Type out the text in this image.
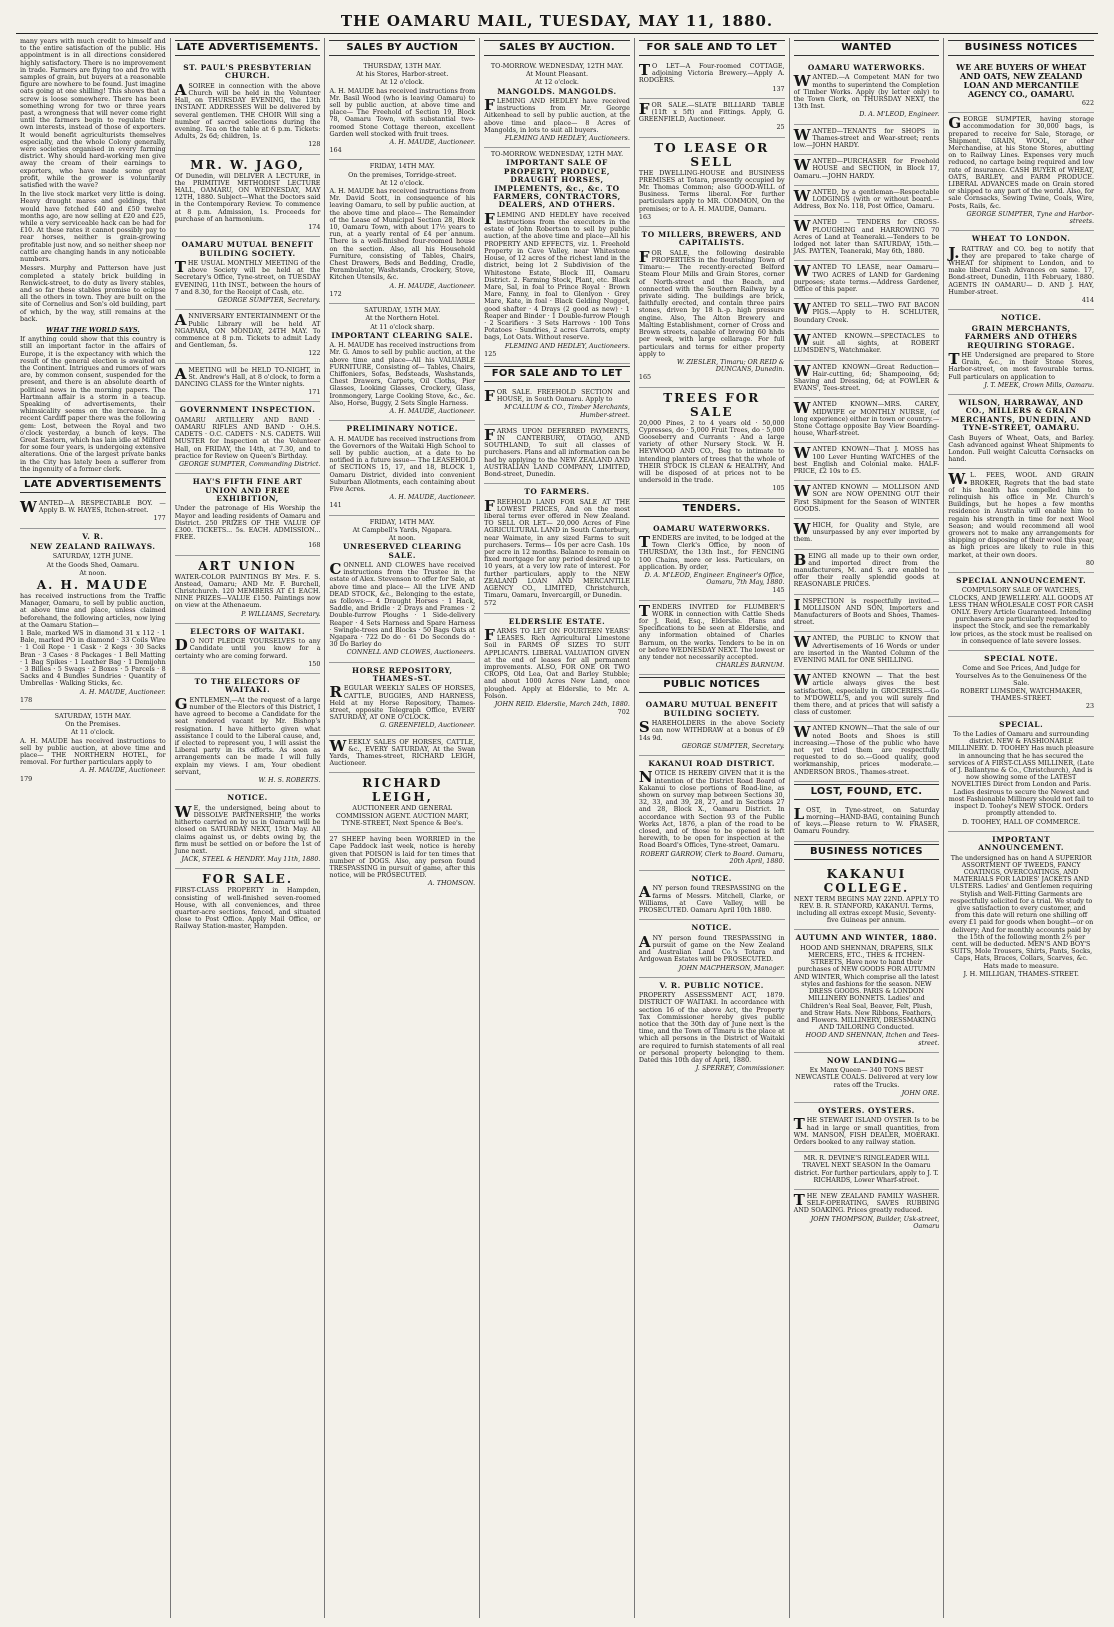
THE OAMARU MAIL, TUESDAY, MAY 11, 1880.

many years with much credit to himself and to the entire satisfaction of the public. His appointment is in all directions considered highly satisfactory. There is no improvement in trade. Farmers are flying too and fro with samples of grain, but buyers at a reasonable figure are nowhere to be found. Just imagine oats going at one shilling! This shows that a screw is loose somewhere. There has been something wrong for two or three years past, a wrongness that will never come right until the farmers begin to regulate their own interests, instead of those of exporters. It would benefit agriculturists themselves especially, and the whole Colony generally, were societies organised in every farming district. Why should hard-working men give away the cream of their earnings to exporters, who have made some great profit, while the grower is voluntarily satisfied with the wave?

In the live stock market very little is doing. Heavy draught mares and geldings, that would have fetched £40 and £50 twelve months ago, are now selling at £20 and £25, while a very serviceable hack can be had for £10. At these rates it cannot possibly pay to rear horses, neither is grain-growing profitable just now, and so neither sheep nor cattle are changing hands in any noticeable numbers.

Messrs. Murphy and Patterson have just completed a stately brick building in Renwick-street, to do duty as livery stables, and so far these stables promise to eclipse all the others in town. They are built on the site of Cornelius and Son's old building, part of which, by the way, still remains at the back.

WHAT THE WORLD SAYS.

If anything could show that this country is still an important factor in the affairs of Europe, it is the expectancy with which the result of the general election is awaited on the Continent. Intrigues and rumors of wars are, by common consent, suspended for the present, and there is an absolute dearth of political news in the morning papers. The Hartmann affair is a storm in a teacup. Speaking of advertisements, their whimsicality seems on the increase. In a recent Cardiff paper there was the following gem: Lost, between the Royal and two o'clock yesterday, a bunch of keys. The Great Eastern, which has lain idle at Milford for some four years, is undergoing extensive alterations. One of the largest private banks in the City has lately been a sufferer from the ingenuity of a former clerk.

LATE ADVERTISEMENTS

WANTED—A RESPECTABLE BOY. —Apply B. W. HAYES, Itchen-street.

177

V. R.
NEW ZEALAND RAILWAYS.

SATURDAY, 12TH JUNE.

At the Goods Shed, Oamaru.

At noon.

A. H. MAUDE

has received instructions from the Traffic Manager, Oamaru, to sell by public auction, at above time and place, unless claimed beforehand, the following articles, now lying at the Oamaru Station—

1 Bale, marked WS in diamond 31 x 112 · 1 Bale, marked PO in diamond · 33 Coils Wire · 1 Coil Rope · 1 Cask · 2 Kegs · 30 Sacks Bran · 3 Cases · 8 Packages · 1 Bell Matting · 1 Bag Spikes · 1 Leather Bag · 1 Demijohn · 3 Billies · 5 Swags · 2 Boxes · 5 Parcels · 8 Sacks and 4 Bundles Sundries · Quantity of Umbrellas · Walking Sticks, &c.

A. H. MAUDE, Auctioneer.

178

SATURDAY, 15TH MAY.

On the Premises.

At 11 o'clock.

A. H. MAUDE has received instructions to sell by public auction, at above time and place— THE NORTHERN HOTEL, for removal. For further particulars apply to

A. H. MAUDE, Auctioneer.

179

LATE ADVERTISEMENTS.
ST. PAUL'S PRESBYTERIAN CHURCH.

ASOIREE in connection with the above Church will be held in the Volunteer Hall, on THURSDAY EVENING, the 13th INSTANT. ADDRESSES Will be delivered by several gentlemen. THE CHOIR Will sing a number of sacred selections during the evening. Tea on the table at 6 p.m. Tickets: Adults, 2s 6d; children, 1s.

128

MR. W. JAGO,

Of Dunedin, will DELIVER A LECTURE, in the PRIMITIVE METHODIST LECTURE HALL, OAMARU, ON WEDNESDAY, MAY 12TH, 1880. Subject—What the Doctors said in the Contemporary Review. To commence at 8 p.m. Admission, 1s. Proceeds for purchase of an harmonium.

174

OAMARU MUTUAL BENEFIT BUILDING SOCIETY.

THE USUAL MONTHLY MEETING of the above Society will be held at the Secretary's Office, Tyne-street, on TUESDAY EVENING, 11th INST., between the hours of 7 and 8.30, for the Receipt of Cash, etc.

GEORGE SUMPTER, Secretary.

ANNIVERSARY ENTERTAINMENT Of the Public Library will be held AT NGAPARA, ON MONDAY, 24TH MAY. To commence at 8 p.m. Tickets to admit Lady and Gentleman, 5s.

122

AMEETING will be HELD TO-NIGHT, in St. Andrew's Hall, at 8 o'clock, to form a DANCING CLASS for the Winter nights.

171

GOVERNMENT INSPECTION.

OAMARU ARTILLERY AND BAND · OAMARU RIFLES AND BAND · O.H.S. CADETS · O.C. CADETS · N.S. CADETS. Will MUSTER for Inspection at the Volunteer Hall, on FRIDAY, the 14th, at 7.30, and to practice for Review on Queen's Birthday.

GEORGE SUMPTER, Commanding District.

HAY'S FIFTH FINE ART UNION AND FREE EXHIBITION,

Under the patronage of His Worship the Mayor and leading residents of Oamaru and District. 250 PRIZES OF THE VALUE OF £300. TICKETS... 5s. EACH. ADMISSION... FREE.

168

ART UNION

WATER-COLOR PAINTINGS BY Mrs. F. S. Anstead, Oamaru; AND Mr. F. Burchell, Christchurch. 120 MEMBERS AT £1 EACH. NINE PRIZES—VALUE £150. Paintings now on view at the Athenaeum.

P. WILLIAMS, Secretary.

ELECTORS OF WAITAKI.

DO NOT PLEDGE YOURSELVES to any Candidate until you know for a certainty who are coming forward.

150

TO THE ELECTORS OF WAITAKI.

GENTLEMEN,—At the request of a large number of the Electors of this District, I have agreed to become a Candidate for the seat rendered vacant by Mr. Bishop's resignation. I have hitherto given what assistance I could to the Liberal cause, and, if elected to represent you, I will assist the Liberal party in its efforts. As soon as arrangements can be made I will fully explain my views. I am, Your obedient servant,

W. H. S. ROBERTS.

NOTICE.

WE, the undersigned, being about to DISSOLVE PARTNERSHIP, the works hitherto carried on by us in Oamaru will be closed on SATURDAY NEXT, 15th May. All claims against us, or debts owing by, the firm must be settled on or before the 1st of June next.

JACK, STEEL & HENDRY. May 11th, 1880.

FOR SALE.

FIRST-CLASS PROPERTY in Hampden, consisting of well-finished seven-roomed House, with all conveniences, and three quarter-acre sections, fenced, and situated close to Post Office. Apply Mail Office, or Railway Station-master, Hampden.

SALES BY AUCTION

THURSDAY, 13TH MAY.

At his Stores, Harbor-street.

At 12 o'clock.

A. H. MAUDE has received instructions from Mr. Basil Wood (who is leaving Oamaru) to sell by public auction, at above time and place— The Freehold of Section 19, Block 78, Oamaru Town, with substantial two-roomed Stone Cottage thereon, excellent Garden well stocked with fruit trees.

A. H. MAUDE, Auctioneer.

164

FRIDAY, 14TH MAY.

On the premises, Torridge-street.

At 12 o'clock.

A. H. MAUDE has received instructions from Mr. David Scott, in consequence of his leaving Oamaru, to sell by public auction, at the above time and place— The Remainder of the Lease of Municipal Section 28, Block 10, Oamaru Town, with about 17½ years to run, at a yearly rental of £4 per annum. There is a well-finished four-roomed house on the section. Also, all his Household Furniture, consisting of Tables, Chairs, Chest Drawers, Beds and Bedding, Cradle, Perambulator, Washstands, Crockery, Stove, Kitchen Utensils, &c.

A. H. MAUDE, Auctioneer.

172

SATURDAY, 15TH MAY.

At the Northern Hotel.

At 11 o'clock sharp.

IMPORTANT CLEARING SALE.

A. H. MAUDE has received instructions from Mr. G. Amos to sell by public auction, at the above time and place—All his VALUABLE FURNITURE, Consisting of— Tables, Chairs, Chiffoniers, Sofas, Bedsteads, Washstands, Chest Drawers, Carpets, Oil Cloths, Pier Glasses, Looking Glasses, Crockery, Glass, Ironmongery, Large Cooking Stove, &c., &c. Also, Horse, Buggy, 2 Sets Single Harness.

A. H. MAUDE, Auctioneer.

PRELIMINARY NOTICE.

A. H. MAUDE has received instructions from the Governors of the Waitaki High School to sell by public auction, at a date to be notified in a future issue— The LEASEHOLD of SECTIONS 15, 17, and 18, BLOCK 1, Oamaru District, divided into convenient Suburban Allotments, each containing about Five Acres.

A. H. MAUDE, Auctioneer.

141

FRIDAY, 14TH MAY.

At Campbell's Yards, Ngapara.

At noon.

UNRESERVED CLEARING SALE.

CONNELL AND CLOWES have received instructions from the Trustee in the estate of Alex. Stevenson to offer for Sale, at above time and place— All the LIVE AND DEAD STOCK, &c., Belonging to the estate, as follows:— 4 Draught Horses · 1 Hack, Saddle, and Bridle · 2 Drays and Frames · 2 Double-furrow Ploughs · 1 Side-delivery Reaper · 4 Sets Harness and Spare Harness · Swingle-trees and Blocks · 50 Bags Oats at Ngapara · 722 Do do · 61 Do Seconds do · 30 Do Barley do

CONNELL AND CLOWES, Auctioneers.

HORSE REPOSITORY, THAMES-ST.

REGULAR WEEKLY SALES OF HORSES, CATTLE, BUGGIES, AND HARNESS, Held at my Horse Repository, Thames-street, opposite Telegraph Office, EVERY SATURDAY, AT ONE O'CLOCK.

G. GREENFIELD, Auctioneer.

WEEKLY SALES OF HORSES, CATTLE, &c., EVERY SATURDAY, At the Swan Yards, Thames-street, RICHARD LEIGH, Auctioneer.

RICHARD LEIGH,

AUCTIONEER AND GENERAL COMMISSION AGENT. AUCTION MART, TYNE-STREET, Next Spence & Bee's.

27 SHEEP having been WORRIED in the Cape Paddock last week, notice is hereby given that POISON is laid for ten times that number of DOGS. Also, any person found TRESPASSING in pursuit of game, after this notice, will be PROSECUTED.

A. THOMSON.

SALES BY AUCTION.

TO-MORROW. WEDNESDAY, 12TH MAY.

At Mount Pleasant.

At 12 o'clock.

MANGOLDS. MANGOLDS.

FLEMING AND HEDLEY have received instructions from Mr. George Aitkenhead to sell by public auction, at the above time and place— 8 Acres of Mangolds, in lots to suit all buyers.

FLEMING AND HEDLEY, Auctioneers.

TO-MORROW. WEDNESDAY, 12TH MAY.

IMPORTANT SALE OF PROPERTY, PRODUCE, DRAUGHT HORSES, IMPLEMENTS, &c., &c. TO FARMERS, CONTRACTORS, DEALERS, AND OTHERS.

FLEMING AND HEDLEY have received instructions from the executors in the estate of John Robertson to sell by public auction, at the above time and place—All his PROPERTY AND EFFECTS, viz. 1. Freehold Property in Cave Valley, near Whitestone House, of 12 acres of the richest land in the district, being lot 2 Subdivision of the Whitestone Estate, Block III, Oamaru District. 2. Farming Stock, Plant, etc. Black Mare, Sal, in foal to Prince Royal · Brown Mare, Fanny, in foal to Glenlyon · Grey Mare, Kate, in foal · Black Gelding Nugget, good shafter · 4 Drays (2 good as new) · 1 Reaper and Binder · 1 Double-furrow Plough · 2 Scarifiers · 3 Sets Harrows · 100 Tons Potatoes · Sundries, 2 acres Carrots, empty bags, Lot Oats. Without reserve.

FLEMING AND HEDLEY, Auctioneers.

125

FOR SALE AND TO LET

FOR SALE. FREEHOLD SECTION and HOUSE, in South Oamaru. Apply to

M'CALLUM & CO., Timber Merchants, Humber-street.

FARMS UPON DEFERRED PAYMENTS, IN CANTERBURY, OTAGO, AND SOUTHLAND, To suit all classes of purchasers. Plans and all information can be had by applying to the NEW ZEALAND AND AUSTRALIAN LAND COMPANY, LIMITED, Bond-street, Dunedin.

TO FARMERS.

FREEHOLD LAND FOR SALE AT THE LOWEST PRICES, And on the most liberal terms ever offered in New Zealand. TO SELL OR LET— 20,000 Acres of Fine AGRICULTURAL LAND in South Canterbury, near Waimate, in any sized Farms to suit purchasers. Terms— 10s per acre Cash. 10s per acre in 12 months. Balance to remain on fixed mortgage for any period desired up to 10 years, at a very low rate of interest. For further particulars, apply to the NEW ZEALAND LOAN AND MERCANTILE AGENCY CO., LIMITED, Christchurch, Timaru, Oamaru, Invercargill, or Dunedin.

572

ELDERSLIE ESTATE.

FARMS TO LET ON FOURTEEN YEARS' LEASES. Rich Agricultural Limestone Soil in FARMS OF SIZES TO SUIT APPLICANTS. LIBERAL VALUATION GIVEN at the end of leases for all permanent improvements. ALSO, FOR ONE OR TWO CROPS, Old Lea, Oat and Barley Stubble; and about 1000 Acres New Land, once ploughed. Apply at Elderslie, to Mr. A. Folson.

JOHN REID. Elderslie, March 24th, 1880.

702

FOR SALE AND TO LET

TO LET—A Four-roomed COTTAGE, adjoining Victoria Brewery.—Apply A. RODGERS.

137

FOR SALE.—SLATE BILLIARD TABLE (11ft x 5ft) and Fittings. Apply, G. GREENFIELD, Auctioneer.

25

TO LEASE OR SELL

THE DWELLING-HOUSE and BUSINESS PREMISES at Totara, presently occupied by Mr. Thomas Common; also GOOD-WILL of Business. Terms liberal. For further particulars apply to MR. COMMON, On the premises; or to A. H. MAUDE, Oamaru.

163

TO MILLERS, BREWERS, AND CAPITALISTS.

FOR SALE, the following desirable PROPERTIES in the flourishing Town of Timaru:— The recently-erected Belford Steam Flour Mills and Grain Stores, corner of North-street and the Beach, and connected with the Southern Railway by a private siding. The buildings are brick, faithfully erected, and contain three pairs stones, driven by 18 h.-p. high pressure engine. Also, The Alton Brewery and Malting Establishment, corner of Cross and Brown streets, capable of brewing 60 hhds per week, with large cellarage. For full particulars and terms for either property apply to

W. ZIESLER, Timaru; OR REID & DUNCANS, Dunedin.

165

TREES FOR SALE

20,000 Pines, 2 to 4 years old · 50,000 Cypresses, do · 5,000 Fruit Trees, do · 5,000 Gooseberry and Currants · And a large variety of other Nursery Stock. W. H. HEYWOOD AND CO., Beg to intimate to intending planters of trees that the whole of THEIR STOCK IS CLEAN & HEALTHY, And will be disposed of at prices not to be undersold in the trade.

105

TENDERS.
OAMARU WATERWORKS.

TENDERS are invited, to be lodged at the Town Clerk's Office, by noon of THURSDAY, the 13th Inst., for FENCING 100 Chains, more or less. Particulars, on application. By order,

D. A. M'LEOD, Engineer. Engineer's Office, Oamaru, 7th May, 1880.

145

TENDERS INVITED for FLUMBER'S WORK in connection with Cattle Sheds for J. Reid, Esq., Elderslie. Plans and Specifications to be seen at Elderslie, and any information obtained of Charles Barnum, on the works. Tenders to be in on or before WEDNESDAY NEXT. The lowest or any tender not necessarily accepted.

CHARLES BARNUM.

PUBLIC NOTICES
OAMARU MUTUAL BENEFIT BUILDING SOCIETY.

SHAREHOLDERS in the above Society can now WITHDRAW at a bonus of £9 14s 9d.

GEORGE SUMPTER, Secretary.

KAKANUI ROAD DISTRICT.

NOTICE IS HEREBY GIVEN that it is the intention of the District Road Board of Kakanui to close portions of Road-line, as shown on survey map between Sections 30, 32, 33, and 39, 28, 27, and in Sections 27 and 28, Block X., Oamaru District. In accordance with Section 93 of the Public Works Act, 1876, a plan of the road to be closed, and of those to be opened is left herewith, to be open for inspection at the Road Board's Offices, Tyne-street, Oamaru.

ROBERT GARROW, Clerk to Board. Oamaru, 20th April, 1880.

NOTICE.

ANY person found TRESPASSING on the farms of Messrs. Mitchell, Clarke, or Williams, at Cave Valley, will be PROSECUTED. Oamaru April 10th 1880.

NOTICE.

ANY person found TRESPASSING in pursuit of game on the New Zealand and Australian Land Co.'s Totara and Ardgowan Estates will be PROSECUTED.

JOHN MACPHERSON, Manager.

V. R. PUBLIC NOTICE.

PROPERTY ASSESSMENT ACT, 1879. DISTRICT OF WAITAKI. In accordance with section 16 of the above Act, the Property Tax Commissioner hereby gives public notice that the 30th day of June next is the time, and the Town of Timaru is the place at which all persons in the District of Waitaki are required to furnish statements of all real or personal property belonging to them. Dated this 10th day of April, 1880.

J. SPERREY, Commissioner.

WANTED
OAMARU WATERWORKS.

WANTED.—A Competent MAN for two months to superintend the Completion of Timber Works. Apply (by letter only) to the Town Clerk, on THURSDAY NEXT, the 13th Inst.

D. A. M'LEOD, Engineer.

WANTED—TENANTS for SHOPS in Thames-street and Wear-street; rents low.—JOHN HARDY.

WANTED—PURCHASER for Freehold HOUSE and SECTION, in Block 17, Oamaru.—JOHN HARDY.

WANTED, by a gentleman—Respectable LODGINGS (with or without board.—Address, Box No. 118, Post Office, Oamaru.

WANTED — TENDERS for CROSS-PLOUGHING and HARROWING 70 Acres of Land at Teaneraki.—Tenders to be lodged not later than SATURDAY, 15th.—JAS. PAYTEN, Teaneraki, May 6th, 1880.

WANTED TO LEASE, near Oamaru—TWO ACRES of LAND for Gardening purposes; state terms.—Address Gardener, Office of this paper.

WANTED TO SELL—TWO FAT BACON PIGS.—Apply to H. SCHLUTER, Boundary Creek.

WANTED KNOWN.—SPECTACLES to suit all sights, at ROBERT LUMSDEN'S, Watchmaker.

WANTED KNOWN—Great Reduction—Hair-cutting, 6d; Shampooing, 6d; Shaving and Dressing, 6d; at FOWLER & EVANS', Tees-street.

WANTED KNOWN—MRS. CAREY, MIDWIFE or MONTHLY NURSE, (of long experience) either in town or country.—Stone Cottage opposite Bay View Boarding-house, Wharf-street.

WANTED KNOWN—That J. MOSS has 100 Lever Hunting WATCHES of the best English and Colonial make. HALF-PRICE, £2 10s to £5.

WANTED KNOWN — MOLLISON AND SON are NOW OPENING OUT their First Shipment for the Season of WINTER GOODS.

WHICH, for Quality and Style, are unsurpassed by any ever imported by them.

BEING all made up to their own order, and imported direct from the manufacturers, M. and S. are enabled to offer their really splendid goods at REASONABLE PRICES.

INSPECTION is respectfully invited.—MOLLISON AND SON, Importers and Manufacturers of Boots and Shoes, Thames-street.

WANTED, the PUBLIC to KNOW that Advertisements of 16 Words or under are inserted in the Wanted Column of the EVENING MAIL for ONE SHILLING.

WANTED KNOWN — That the best article always gives the best satisfaction, especially in GROCERIES.—Go to M'DOWELL'S, and you will surely find them there, and at prices that will satisfy a class of customer.

WANTED KNOWN—That the sale of our noted Boots and Shoes is still increasing.—Those of the public who have not yet tried them are respectfully requested to do so.—Good quality, good workmanship, prices moderate.—ANDERSON BROS., Thames-street.

LOST, FOUND, ETC.

LOST, in Tyne-street, on Saturday morning—HAND-BAG, containing Bunch of keys.—Please return to W. FRASER, Oamaru Foundry.

BUSINESS NOTICES

KAKANUI COLLEGE.

NEXT TERM BEGINS MAY 22ND. APPLY TO REV. B. R. STANFORD, KAKANUI. Terms, including all extras except Music, Seventy-five Guineas per annum.

AUTUMN AND WINTER, 1880.

HOOD AND SHENNAN, DRAPERS, SILK MERCERS, ETC., THES & ITCHEN-STREETS, Have now to hand their purchases of NEW GOODS FOR AUTUMN AND WINTER, Which comprise all the latest styles and fashions for the season. NEW DRESS GOODS. PARIS & LONDON MILLINERY BONNETS. Ladies' and Children's Real Seal, Beaver, Felt, Plush, and Straw Hats. New Ribbons, Feathers, and Flowers. MILLINERY, DRESSMAKING AND TAILORING Conducted.

HOOD AND SHENNAN, Itchen and Tees-street.

NOW LANDING—

Ex Manx Queen— 340 TONS BEST NEWCASTLE COALS. Delivered at very low rates off the Trucks.

JOHN ORE.

OYSTERS. OYSTERS.

THE STEWART ISLAND OYSTER Is to be had in large or small quantities, from WM. MANSON, FISH DEALER, MOERAKI. Orders booked to any railway station.

MR. R. DEVINE'S RINGLEADER WILL TRAVEL NEXT SEASON In the Oamaru district. For further particulars, apply to J. T. RICHARDS, Lower Wharf-street.

THE NEW ZEALAND FAMILY WASHER. SELF-OPERATING, SAVES RUBBING AND SOAKING. Prices greatly reduced.

JOHN THOMPSON, Builder, Usk-street, Oamaru

BUSINESS NOTICES

WE ARE BUYERS OF WHEAT AND OATS, NEW ZEALAND LOAN AND MERCANTILE AGENCY CO., OAMARU.

622

GEORGE SUMPTER, having storage accommodation for 30,000 bags, is prepared to receive for Sale, Storage, or Shipment, GRAIN, WOOL, or other Merchandise, at his Stone Stores, abutting on to Railway Lines. Expenses very much reduced, no cartage being required and low rate of insurance. CASH BUYER of WHEAT, OATS, BARLEY, and FARM PRODUCE. LIBERAL ADVANCES made on Grain stored or shipped to any part of the world. Also, for sale Cornsacks, Sewing Twine, Coals, Wire, Posts, Rails, &c.

GEORGE SUMPTER, Tyne and Harbor-streets.

WHEAT TO LONDON.

J.RATTRAY and CO. beg to notify that they are prepared to take charge of WHEAT for shipment to London, and to make liberal Cash Advances on same. 17, Bond-street, Dunedin, 11th February, 1880. AGENTS IN OAMARU— D. AND J. HAY, Humber-street.

414

NOTICE.
GRAIN MERCHANTS, FARMERS AND OTHERS REQUIRING STORAGE.

THE Undersigned are prepared to Store Grain, &c., in their Stone Stores, Harbor-street, on most favourable terms. Full particulars on application to

J. T. MEEK, Crown Mills, Oamaru.

WILSON, HARRAWAY, AND CO., MILLERS & GRAIN MERCHANTS, DUNEDIN, AND TYNE-STREET, OAMARU.

Cash Buyers of Wheat, Oats, and Barley. Cash advanced against Wheat Shipments to London. Full weight Calcutta Cornsacks on hand.

W.L. FEES, WOOL AND GRAIN BROKER, Regrets that the bad state of his health has compelled him to relinquish his office in Mr. Church's Buildings, but he hopes a few months residence in Australia will enable him to regain his strength in time for next Wool Season; and would recommend all wool growers not to make any arrangements for shipping or disposing of their wool this year, as high prices are likely to rule in this market, at their own doors.

80

SPECIAL ANNOUNCEMENT.

COMPULSORY SALE OF WATCHES, CLOCKS, AND JEWELLERY. ALL GOODS AT LESS THAN WHOLESALE COST FOR CASH ONLY. Every Article Guaranteed. Intending purchasers are particularly requested to inspect the Stock, and see the remarkably low prices, as the stock must be realised on in consequence of late severe losses.

SPECIAL NOTE.

Come and See Prices, And Judge for Yourselves As to the Genuineness Of the Sale.

ROBERT LUMSDEN, WATCHMAKER, THAMES-STREET.

23

SPECIAL.

To the Ladies of Oamaru and surrounding district. NEW & FASHIONABLE MILLINERY. D. TOOHEY Has much pleasure in announcing that he has secured the services of A FIRST-CLASS MILLINER, (Late of J. Ballantyne & Co., Christchurch), And is now showing some of the LATEST NOVELTIES Direct from London and Paris. Ladies desirous to secure the Newest and most Fashionable Millinery should not fail to inspect D. Toohey's NEW STOCK. Orders promptly attended to.

D. TOOHEY, HALL OF COMMERCE.

IMPORTANT ANNOUNCEMENT.

The undersigned has on hand A SUPERIOR ASSORTMENT OF TWEEDS, FANCY COATINGS, OVERCOATINGS, AND MATERIALS FOR LADIES' JACKETS AND ULSTERS. Ladies' and Gentlemen requiring Stylish and Well-Fitting Garments are respectfully solicited for a trial. We study to give satisfaction to every customer, and from this date will return one shilling off every £1 paid for goods when bought—or on delivery; And for monthly accounts paid by the 15th of the following month 2½ per cent. will be deducted. MEN'S AND BOY'S SUITS, Mole Trousers, Shirts, Pants, Socks, Caps, Hats, Braces, Collars, Scarves, &c. Hats made to measure.

J. H. MILLIGAN, THAMES-STREET.
